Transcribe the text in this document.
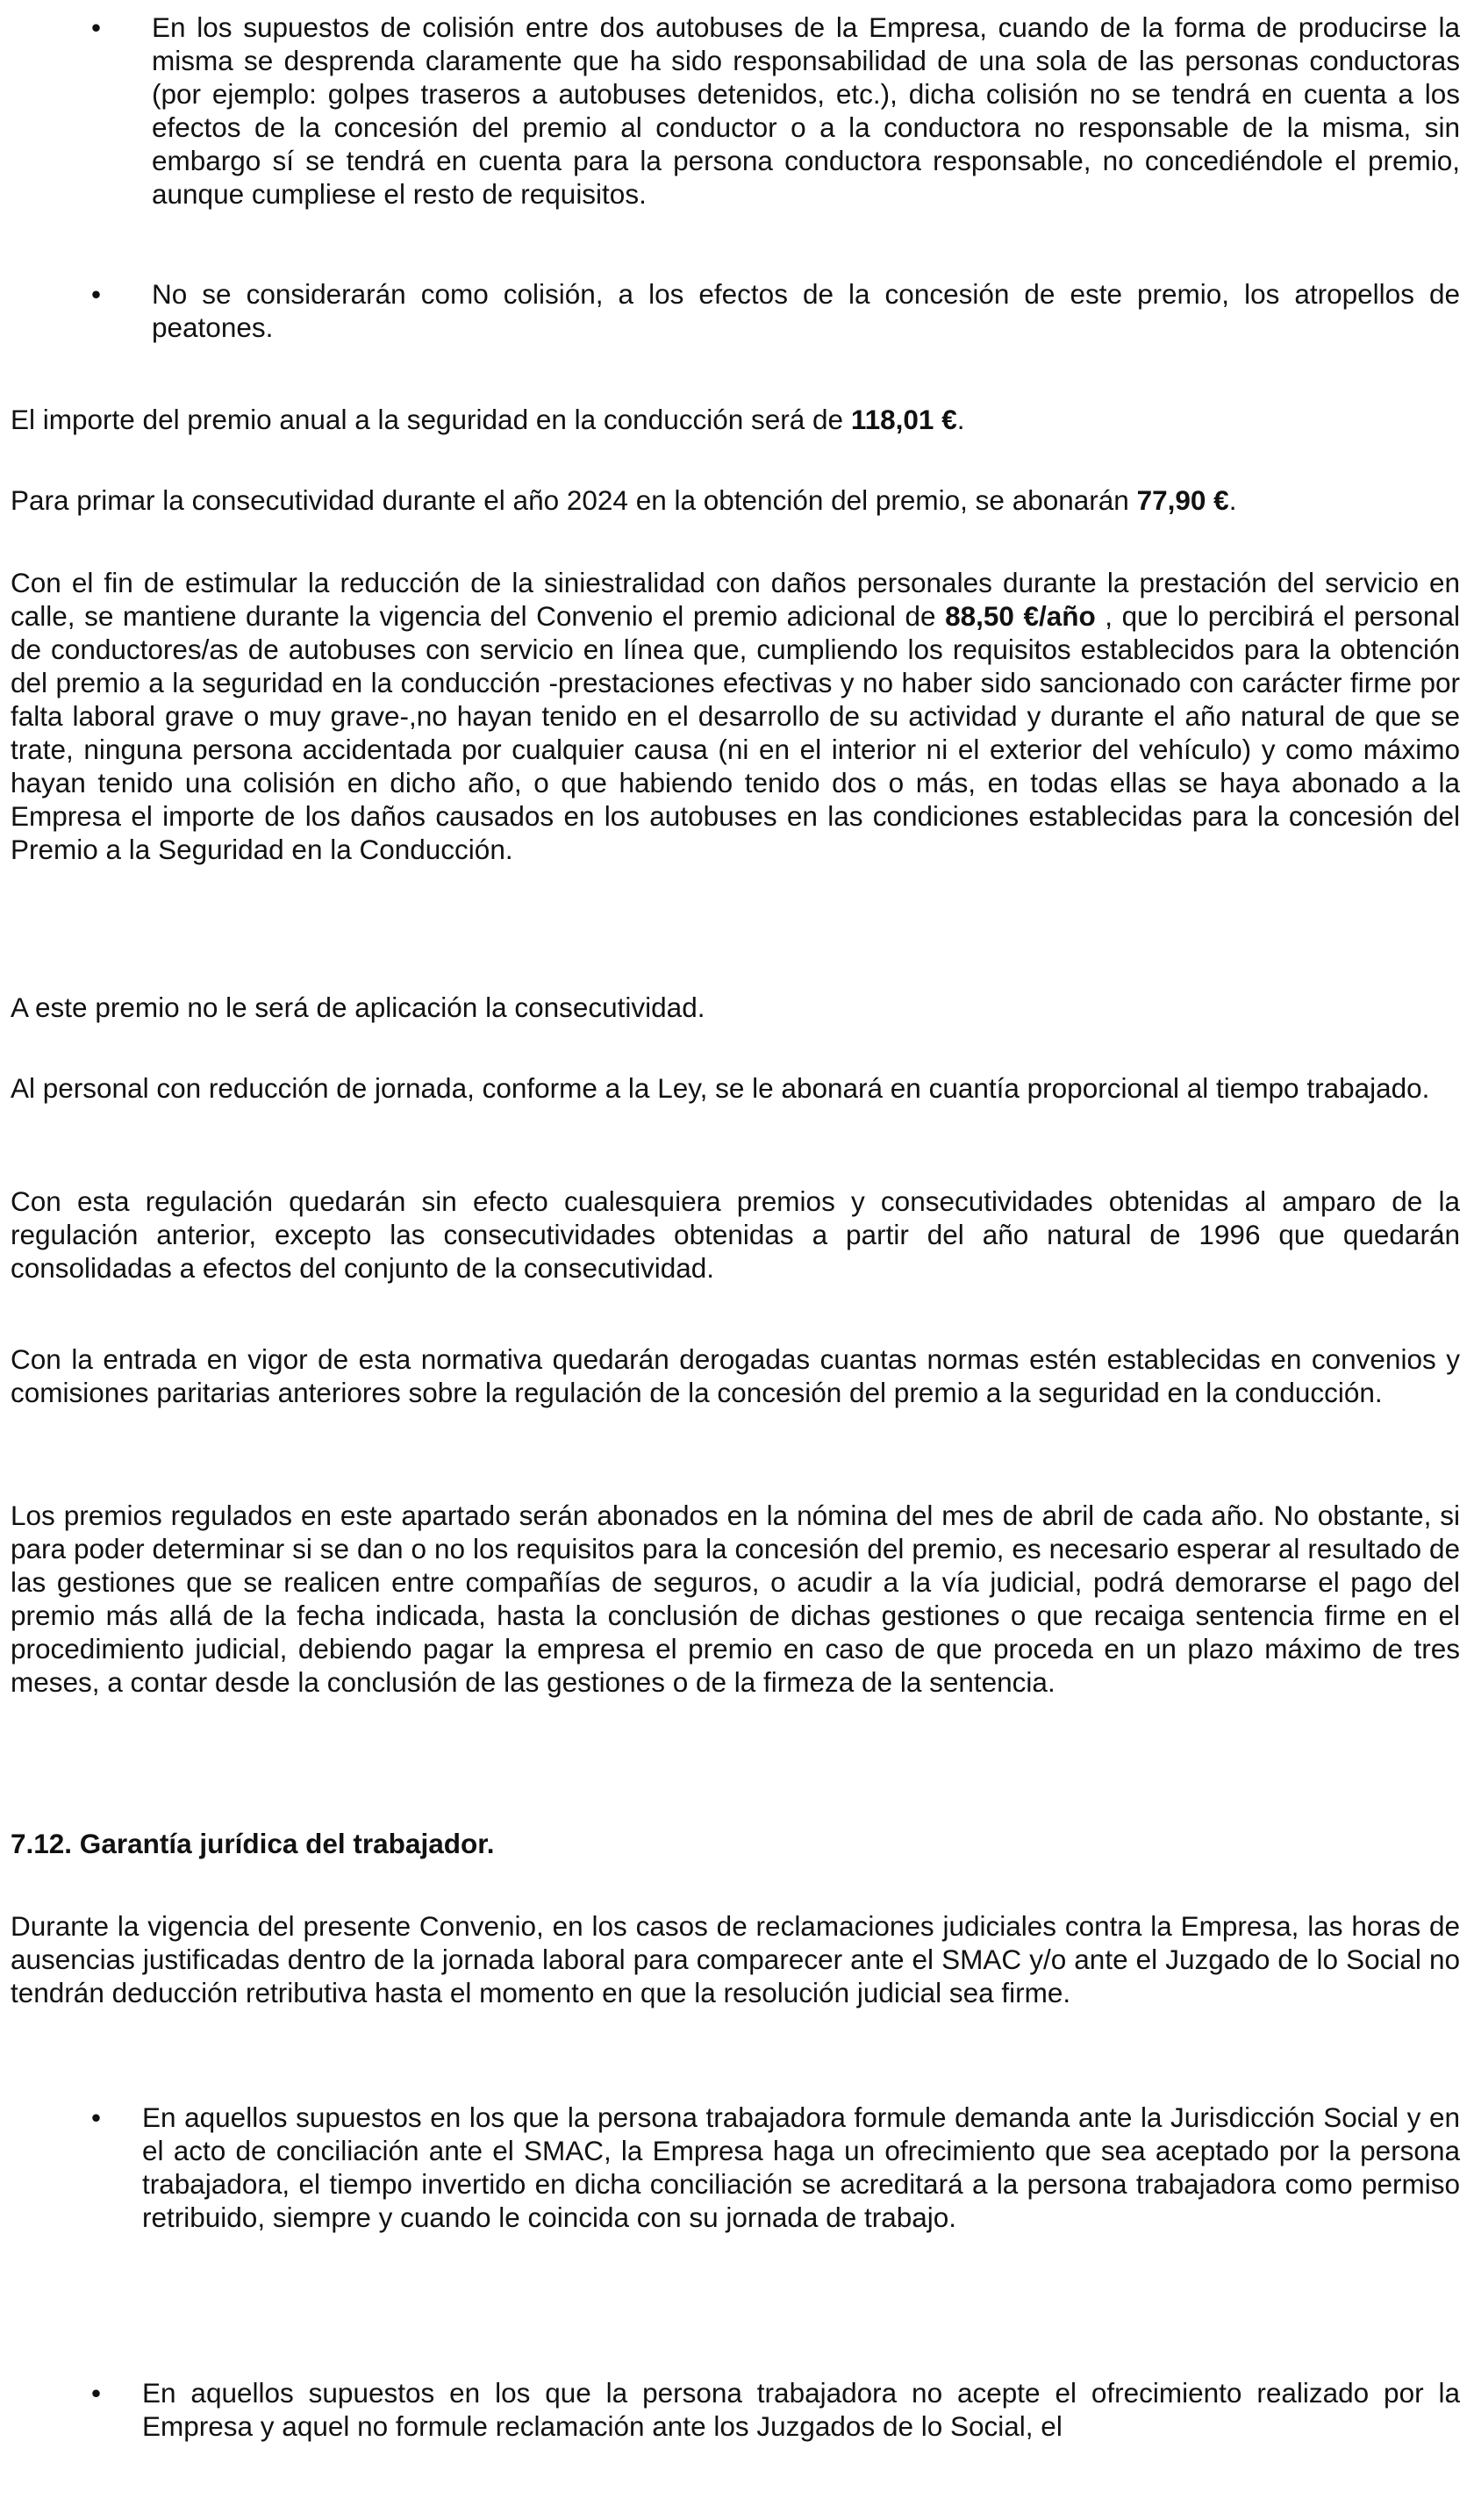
• En los supuestos de colisión entre dos autobuses de la Empresa, cuando de la forma de producirse la misma se desprenda claramente que ha sido responsabilidad de una sola de las personas conductoras (por ejemplo: golpes traseros a autobuses detenidos, etc.), dicha colisión no se tendrá en cuenta a los efectos de la concesión del premio al conductor o a la conductora no responsable de la misma, sin embargo sí se tendrá en cuenta para la persona conductora responsable, no concediéndole el premio, aunque cumpliese el resto de requisitos.

• No se considerarán como colisión, a los efectos de la concesión de este premio, los atropellos de peatones.

El importe del premio anual a la seguridad en la conducción será de 118,01 €.

Para primar la consecutividad durante el año 2024 en la obtención del premio, se abonarán 77,90 €.

Con el fin de estimular la reducción de la siniestralidad con daños personales durante la prestación del servicio en calle, se mantiene durante la vigencia del Convenio el premio adicional de 88,50 €/año , que lo percibirá el personal de conductores/as de autobuses con servicio en línea que, cumpliendo los requisitos establecidos para la obtención del premio a la seguridad en la conducción -prestaciones efectivas y no haber sido sancionado con carácter firme por falta laboral grave o muy grave-,no hayan tenido en el desarrollo de su actividad y durante el año natural de que se trate, ninguna persona accidentada por cualquier causa (ni en el interior ni el exterior del vehículo) y como máximo hayan tenido una colisión en dicho año, o que habiendo tenido dos o más, en todas ellas se haya abonado a la Empresa el importe de los daños causados en los autobuses en las condiciones establecidas para la concesión del Premio a la Seguridad en la Conducción.

A este premio no le será de aplicación la consecutividad.

Al personal con reducción de jornada, conforme a la Ley, se le abonará en cuantía proporcional al tiempo trabajado.

Con esta regulación quedarán sin efecto cualesquiera premios y consecutividades obtenidas al amparo de la regulación anterior, excepto las consecutividades obtenidas a partir del año natural de 1996 que quedarán consolidadas a efectos del conjunto de la consecutividad.

Con la entrada en vigor de esta normativa quedarán derogadas cuantas normas estén establecidas en convenios y comisiones paritarias anteriores sobre la regulación de la concesión del premio a la seguridad en la conducción.

Los premios regulados en este apartado serán abonados en la nómina del mes de abril de cada año. No obstante, si para poder determinar si se dan o no los requisitos para la concesión del premio, es necesario esperar al resultado de las gestiones que se realicen entre compañías de seguros, o acudir a la vía judicial, podrá demorarse el pago del premio más allá de la fecha indicada, hasta la conclusión de dichas gestiones o que recaiga sentencia firme en el procedimiento judicial, debiendo pagar la empresa el premio en caso de que proceda en un plazo máximo de tres meses, a contar desde la conclusión de las gestiones o de la firmeza de la sentencia.

7.12. Garantía jurídica del trabajador.

Durante la vigencia del presente Convenio, en los casos de reclamaciones judiciales contra la Empresa, las horas de ausencias justificadas dentro de la jornada laboral para comparecer ante el SMAC y/o ante el Juzgado de lo Social no tendrán deducción retributiva hasta el momento en que la resolución judicial sea firme.

• En aquellos supuestos en los que la persona trabajadora formule demanda ante la Jurisdicción Social y en el acto de conciliación ante el SMAC, la Empresa haga un ofrecimiento que sea aceptado por la persona trabajadora, el tiempo invertido en dicha conciliación se acreditará a la persona trabajadora como permiso retribuido, siempre y cuando le coincida con su jornada de trabajo.

• En aquellos supuestos en los que la persona trabajadora no acepte el ofrecimiento realizado por la Empresa y aquel no formule reclamación ante los Juzgados de lo Social, el
